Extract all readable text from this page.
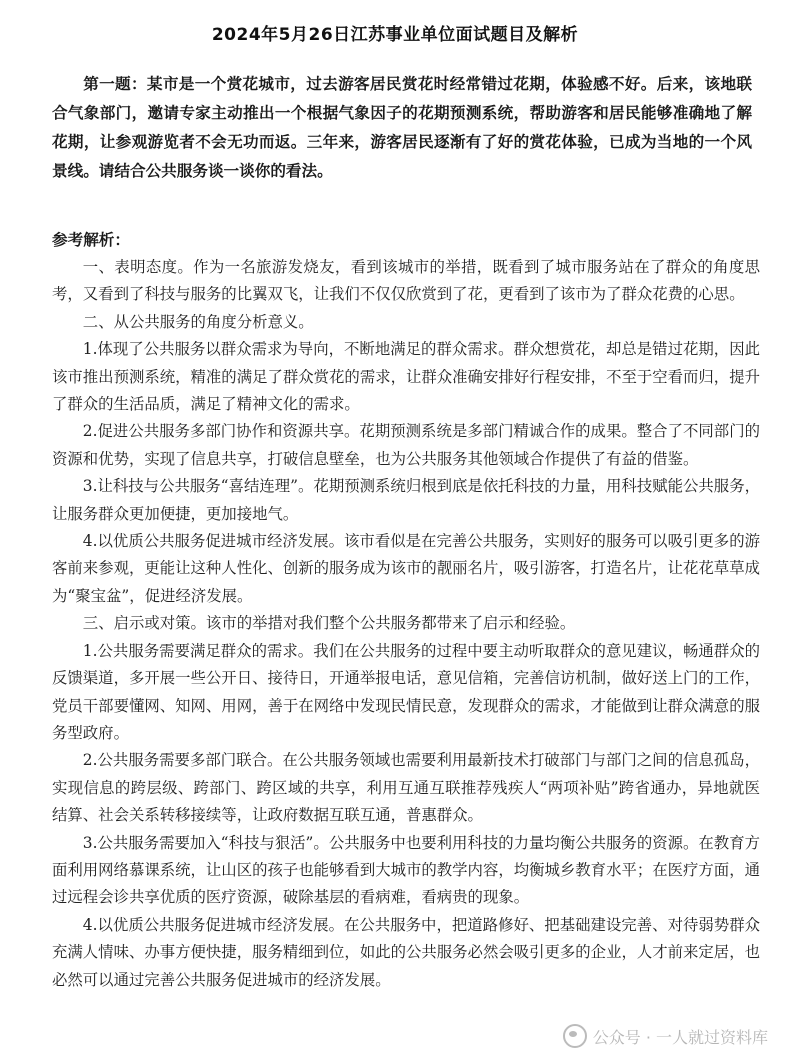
2024年5月26日江苏事业单位面试题目及解析
第一题：某市是一个赏花城市，过去游客居民赏花时经常错过花期，体验感不好。后来，该地联合气象部门，邀请专家主动推出一个根据气象因子的花期预测系统，帮助游客和居民能够准确地了解花期，让参观游览者不会无功而返。三年来，游客居民逐渐有了好的赏花体验，已成为当地的一个风景线。请结合公共服务谈一谈你的看法。
参考解析：

一、表明态度。作为一名旅游发烧友，看到该城市的举措，既看到了城市服务站在了群众的角度思考，又看到了科技与服务的比翼双飞，让我们不仅仅欣赏到了花，更看到了该市为了群众花费的心思。

二、从公共服务的角度分析意义。

1.体现了公共服务以群众需求为导向，不断地满足的群众需求。群众想赏花，却总是错过花期，因此该市推出预测系统，精准的满足了群众赏花的需求，让群众准确安排好行程安排，不至于空看而归，提升了群众的生活品质，满足了精神文化的需求。

2.促进公共服务多部门协作和资源共享。花期预测系统是多部门精诚合作的成果。整合了不同部门的资源和优势，实现了信息共享，打破信息壁垒，也为公共服务其他领域合作提供了有益的借鉴。

3.让科技与公共服务“喜结连理”。花期预测系统归根到底是依托科技的力量，用科技赋能公共服务，让服务群众更加便捷，更加接地气。

4.以优质公共服务促进城市经济发展。该市看似是在完善公共服务，实则好的服务可以吸引更多的游客前来参观，更能让这种人性化、创新的服务成为该市的靓丽名片，吸引游客，打造名片，让花花草草成为“聚宝盆”，促进经济发展。

三、启示或对策。该市的举措对我们整个公共服务都带来了启示和经验。

1.公共服务需要满足群众的需求。我们在公共服务的过程中要主动听取群众的意见建议，畅通群众的反馈渠道，多开展一些公开日、接待日，开通举报电话，意见信箱，完善信访机制，做好送上门的工作，党员干部要懂网、知网、用网，善于在网络中发现民情民意，发现群众的需求，才能做到让群众满意的服务型政府。

2.公共服务需要多部门联合。在公共服务领域也需要利用最新技术打破部门与部门之间的信息孤岛，实现信息的跨层级、跨部门、跨区域的共享，利用互通互联推荐残疾人“两项补贴”跨省通办，异地就医结算、社会关系转移接续等，让政府数据互联互通，普惠群众。

3.公共服务需要加入“科技与狠活”。公共服务中也要利用科技的力量均衡公共服务的资源。在教育方面利用网络慕课系统，让山区的孩子也能够看到大城市的教学内容，均衡城乡教育水平；在医疗方面，通过远程会诊共享优质的医疗资源，破除基层的看病难，看病贵的现象。

4.以优质公共服务促进城市经济发展。在公共服务中，把道路修好、把基础建设完善、对待弱势群众充满人情味、办事方便快捷，服务精细到位，如此的公共服务必然会吸引更多的企业，人才前来定居，也必然可以通过完善公共服务促进城市的经济发展。

公众号 · 一人就过资料库
